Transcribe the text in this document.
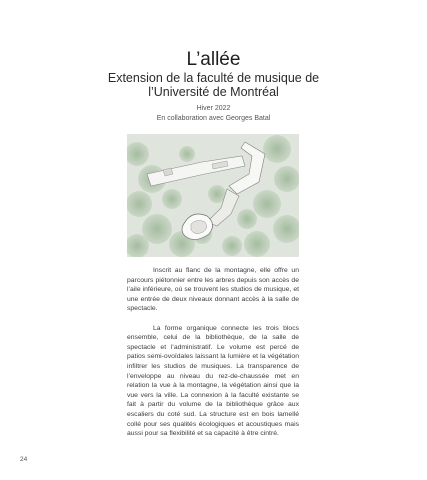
L’allée
Extension de la faculté de musique de
l’Université de Montréal
Hiver 2022
En collaboration avec Georges Batal

Inscrit au flanc de la montagne, elle offre un parcours piétonnier entre les arbres depuis son accès de l’aile inférieure, où se trouvent les studios de musique, et une entrée de deux niveaux donnant accès à la salle de spectacle.

La forme organique connecte les trois blocs ensemble, celui de la bibliothèque, de la salle de spectacle et l’administratif. Le volume est percé de patios semi-ovoïdales laissant la lumière et la végétation infiltrer les studios de musiques. La transparence de l’enveloppe au niveau du rez-de-chaussée met en relation la vue à la montagne, la végétation ainsi que la vue vers la ville. La connexion à la faculté existante se fait à partir du volume de la bibliothèque grâce aux escaliers du coté sud. La structure est en bois lamellé collé pour ses qualités écologiques et acoustiques mais aussi pour sa flexibilité et sa capacité à être cintré.

24
